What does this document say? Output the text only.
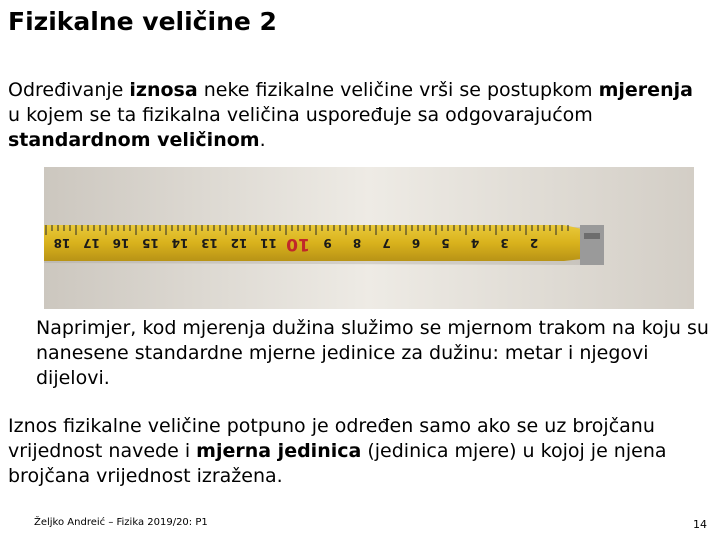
Fizikalne veličine 2

Određivanje iznosa neke fizikalne veličine vrši se postupkom mjerenja u kojem se ta fizikalna veličina uspoređuje sa odgovarajućom standardnom veličinom.

18 17 16 15 14 13 12 11 10 9 8 7 6 5 4 3 2

Naprimjer, kod mjerenja dužina služimo se mjernom trakom na koju su nanesene standardne mjerne jedinice za dužinu: metar i njegovi dijelovi.

Iznos fizikalne veličine potpuno je određen samo ako se uz brojčanu vrijednost navede i mjerna jedinica (jedinica mjere) u kojoj je njena brojčana vrijednost izražena.

Željko Andreić – Fizika 2019/20: P1	14
